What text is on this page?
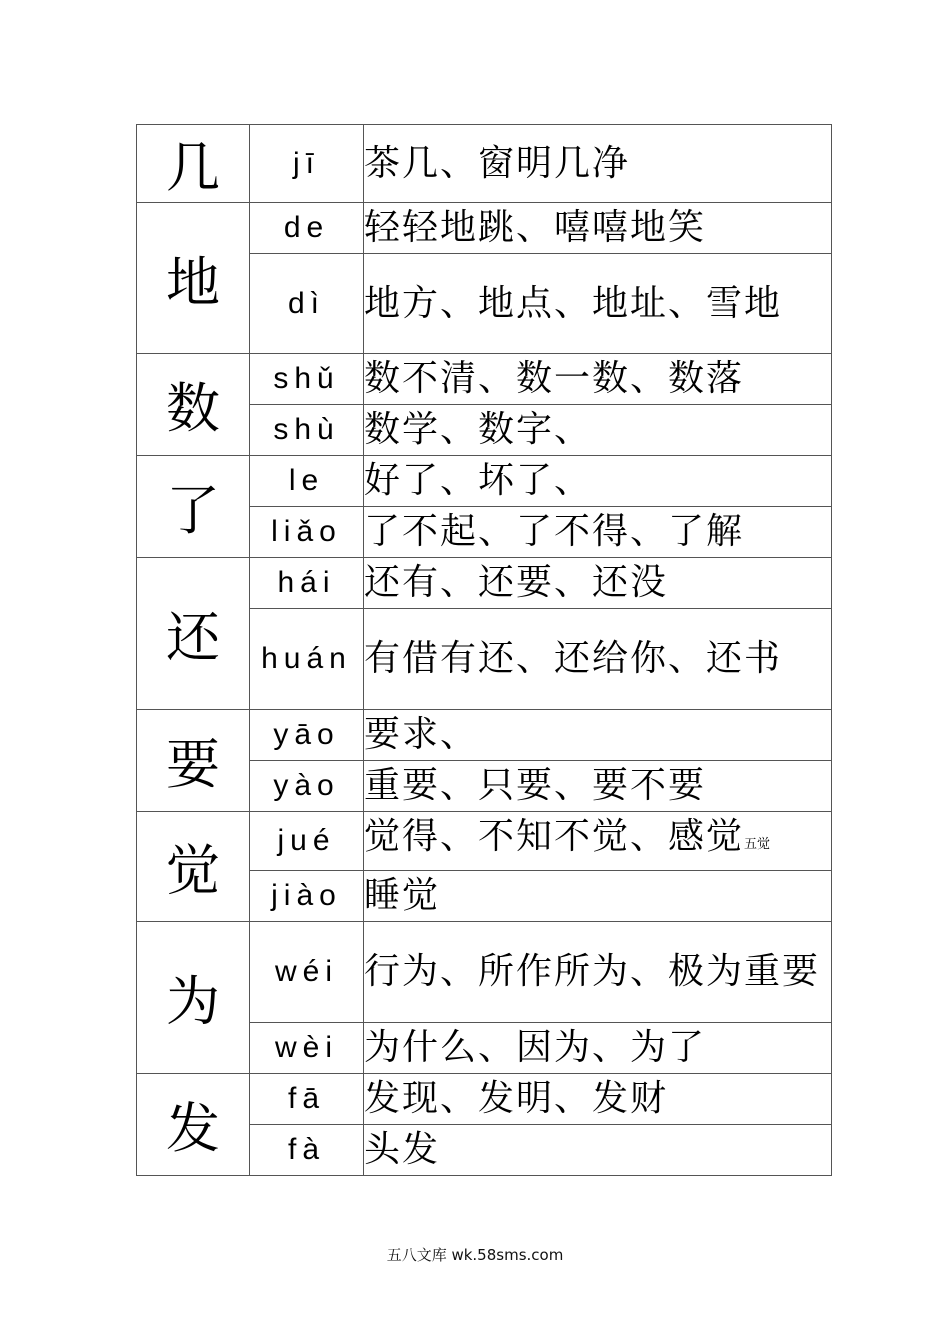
几	jī	茶几、窗明几净
地	de	轻轻地跳、嘻嘻地笑
	dì	地方、地点、地址、雪地
数	shǔ	数不清、数一数、数落
	shù	数学、数字、
了	le	好了、坏了、
	liǎo	了不起、了不得、了解
还	hái	还有、还要、还没
	huán	有借有还、还给你、还书
要	yāo	要求、
	yào	重要、只要、要不要
觉	jué	觉得、不知不觉、感觉五觉
	jiào	睡觉
为	wéi	行为、所作所为、极为重要
	wèi	为什么、因为、为了
发	fā	发现、发明、发财
	fà	头发
五八文库 wk.58sms.com
